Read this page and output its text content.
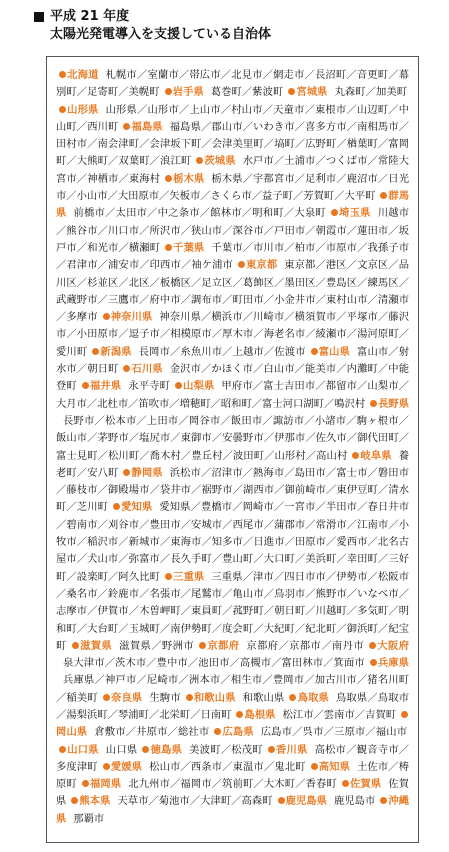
平成 21 年度
太陽光発電導入を支援している自治体
北海道 札幌市／室蘭市／帯広市／北見市／網走市／長沼町／音更町／幕別町／足寄町／美幌町 岩手県 葛巻町／紫波町 宮城県 丸森町／加美町山形県 山形県／山形市／上山市／村山市／天童市／東根市／山辺町／中山町／西川町 福島県 福島県／郡山市／いわき市／喜多方市／南相馬市／田村市／南会津町／会津坂下町／会津美里町／塙町／広野町／楢葉町／富岡町／大熊町／双葉町／浪江町 茨城県 水戸市／土浦市／つくば市／常陸大宮市／神栖市／東海村 栃木県 栃木県／宇都宮市／足利市／鹿沼市／日光市／小山市／大田原市／矢板市／さくら市／益子町／芳賀町／大平町 群馬県 前橋市／太田市／中之条市／館林市／明和町／大泉町 埼玉県 川越市／熊谷市／川口市／所沢市／狭山市／深谷市／戸田市／朝霞市／蓮田市／坂戸市／和光市／横瀬町 千葉県 千葉市／市川市／柏市／市原市／我孫子市／君津市／浦安市／印西市／袖ケ浦市 東京都 東京都／港区／文京区／品川区／杉並区／北区／板橋区／足立区／葛飾区／墨田区／豊島区／練馬区／武蔵野市／三鷹市／府中市／調布市／町田市／小金井市／東村山市／清瀬市／多摩市 神奈川県 神奈川県／横浜市／川崎市／横須賀市／平塚市／藤沢市／小田原市／逗子市／相模原市／厚木市／海老名市／綾瀬市／湯河原町／愛川町 新潟県 長岡市／糸魚川市／上越市／佐渡市 富山県 富山市／射水市／朝日町 石川県 金沢市／かほく市／白山市／能美市／内灘町／中能登町 福井県 永平寺町 山梨県 甲府市／富士吉田市／都留市／山梨市／大月市／北杜市／笛吹市／増穂町／昭和町／富士河口湖町／鳴沢村 長野県長野市／松本市／上田市／岡谷市／飯田市／諏訪市／小諸市／駒ヶ根市／飯山市／茅野市／塩尻市／東御市／安曇野市／伊那市／佐久市／御代田町／富士見町／松川町／喬木村／豊丘村／波田町／山形村／高山村 岐阜県 養老町／安八町 静岡県 浜松市／沼津市／熱海市／島田市／富士市／磐田市／藤枝市／御殿場市／袋井市／裾野市／湖西市／御前崎市／東伊豆町／清水町／芝川町 愛知県 愛知県／豊橋市／岡崎市／一宮市／半田市／春日井市／碧南市／刈谷市／豊田市／安城市／西尾市／蒲郡市／常滑市／江南市／小牧市／稲沢市／新城市／東海市／知多市／日進市／田原市／愛西市／北名古屋市／犬山市／弥富市／長久手町／豊山町／大口町／美浜町／幸田町／三好町／設楽町／阿久比町 三重県 三重県／津市／四日市市／伊勢市／松阪市／桑名市／鈴鹿市／名張市／尾鷲市／亀山市／鳥羽市／熊野市／いなべ市／志摩市／伊賀市／木曽岬町／東員町／菰野町／朝日町／川越町／多気町／明和町／大台町／玉城町／南伊勢町／度会町／大紀町／紀北町／御浜町／紀宝町 滋賀県 滋賀県／野洲市 京都府 京都府／京都市／南丹市 大阪府泉大津市／茨木市／豊中市／池田市／高槻市／富田林市／箕面市 兵庫県兵庫県／神戸市／尼崎市／洲本市／相生市／豊岡市／加古川市／猪名川町／稲美町 奈良県 生駒市 和歌山県 和歌山県 鳥取県 鳥取県／鳥取市／湯梨浜町／琴浦町／北栄町／日南町 島根県 松江市／雲南市／吉賀町岡山県 倉敷市／井原市／総社市 広島県 広島市／呉市／三原市／福山市山口県 山口県 徳島県 美波町／松茂町 香川県 高松市／観音寺市／多度津町 愛媛県 松山市／西条市／東温市／鬼北町 高知県 土佐市／梼原町 福岡県 北九州市／福岡市／筑前町／大木町／香春町 佐賀県 佐賀県 熊本県 天草市／菊池市／大津町／高森町 鹿児島県 鹿児島市 沖縄県 那覇市
